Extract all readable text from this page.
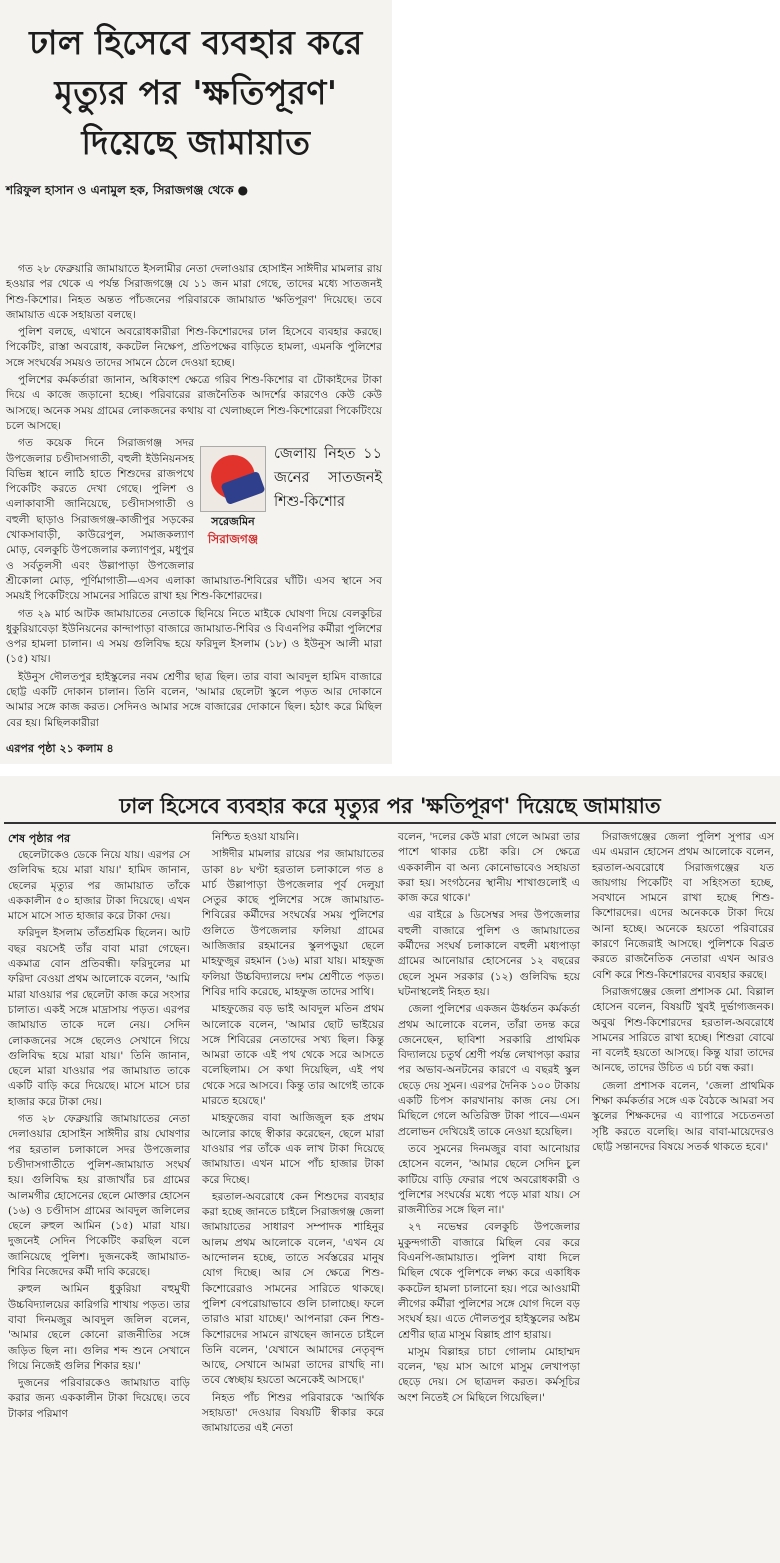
ঢাল হিসেবে ব্যবহার করে
মৃত্যুর পর 'ক্ষতিপূরণ'
দিয়েছে জামায়াত
শরিফুল হাসান ও এনামুল হক, সিরাজগঞ্জ থেকে ●

গত ২৮ ফেব্রুয়ারি জামায়াতে ইসলামীর নেতা দেলাওয়ার হোসাইন সাঈদীর মামলার রায় হওয়ার পর থেকে এ পর্যন্ত সিরাজগঞ্জে যে ১১ জন মারা গেছে, তাদের মধ্যে সাতজনই শিশু-কিশোর। নিহত অন্তত পাঁচজনের পরিবারকে জামায়াত 'ক্ষতিপূরণ' দিয়েছে। তবে জামায়াত একে সহায়তা বলছে।

পুলিশ বলছে, এখানে অবরোধকারীরা শিশু-কিশোরদের ঢাল হিসেবে ব্যবহার করছে। পিকেটিং, রাস্তা অবরোধ, ককটেল নিক্ষেপ, প্রতিপক্ষের বাড়িতে হামলা, এমনকি পুলিশের সঙ্গে সংঘর্ষের সময়ও তাদের সামনে ঠেলে দেওয়া হচ্ছে।

পুলিশের কর্মকর্তারা জানান, অধিকাংশ ক্ষেত্রে গরিব শিশু-কিশোর বা টোকাইদের টাকা দিয়ে এ কাজে জড়ানো হচ্ছে। পরিবারের রাজনৈতিক আদর্শের কারণেও কেউ কেউ আসছে। অনেক সময় গ্রামের লোকজনের কথায় বা খেলাচ্ছলে শিশু-কিশোরেরা পিকেটিংয়ে চলে আসছে।

সরেজমিন
সিরাজগঞ্জ
জেলায় নিহত ১১ জনের সাতজনই শিশু-কিশোর

গত কয়েক দিনে সিরাজগঞ্জ সদর উপজেলার চণ্ডীদাসগাতী, বহুলী ইউনিয়নসহ বিভিন্ন স্থানে লাঠি হাতে শিশুদের রাজপথে পিকেটিং করতে দেখা গেছে। পুলিশ ও এলাকাবাসী জানিয়েছে, চণ্ডীদাসগাতী ও বহুলী ছাড়াও সিরাজগঞ্জ-কাজীপুর সড়কের খোকসাবাড়ী, কাউরেপুল, সমাজকল্যাণ মোড়, বেলকুচি উপজেলার কল্যাণপুর, মধুপুর ও সর্বতুলসী এবং উল্লাপাড়া উপজেলার শ্রীকোলা মোড়, পূর্ণিমাগাতী—এসব এলাকা জামায়াত-শিবিরের ঘাঁটি। এসব স্থানে সব সময়ই পিকেটিংয়ে সামনের সারিতে রাখা হয় শিশু-কিশোরদের।

গত ২৯ মার্চ আটক জামায়াতের নেতাকে ছিনিয়ে নিতে মাইকে ঘোষণা দিয়ে বেলকুচির ধুকুরিয়াবেড়া ইউনিয়নের কান্দাপাড়া বাজারে জামায়াত-শিবির ও বিএনপির কর্মীরা পুলিশের ওপর হামলা চালান। এ সময় গুলিবিদ্ধ হয়ে ফরিদুল ইসলাম (১৮) ও ইউনুস আলী মারা (১৫) যায়।

ইউনুস দৌলতপুর হাইস্কুলের নবম শ্রেণীর ছাত্র ছিল। তার বাবা আবদুল হামিদ বাজারে ছোট্ট একটি দোকান চালান। তিনি বলেন, 'আমার ছেলেটা স্কুলে পড়ত আর দোকানে আমার সঙ্গে কাজ করত। সেদিনও আমার সঙ্গে বাজারের দোকানে ছিল। হঠাৎ করে মিছিল বের হয়। মিছিলকারীরা

এরপর পৃষ্ঠা ২১ কলাম ৪
ঢাল হিসেবে ব্যবহার করে মৃত্যুর পর 'ক্ষতিপূরণ' দিয়েছে জামায়াত
শেষ পৃষ্ঠার পর

ছেলেটাকেও ডেকে নিয়ে যায়। এরপর সে গুলিবিদ্ধ হয়ে মারা যায়।' হামিদ জানান, ছেলের মৃত্যুর পর জামায়াত তাঁকে এককালীন ৫০ হাজার টাকা দিয়েছে। এখন মাসে মাসে সাত হাজার করে টাকা দেয়।

ফরিদুল ইসলাম তাঁতশ্রমিক ছিলেন। আট বছর বয়সেই তাঁর বাবা মারা গেছেন। একমাত্র বোন প্রতিবন্ধী। ফরিদুলের মা ফরিদা বেওয়া প্রথম আলোকে বলেন, 'আমি মারা যাওয়ার পর ছেলেটা কাজ করে সংসার চালাত। একই সঙ্গে মাদ্রাসায় পড়ত। এরপর জামায়াত তাকে দলে নেয়। সেদিন লোকজনের সঙ্গে ছেলেও সেখানে গিয়ে গুলিবিদ্ধ হয়ে মারা যায়।' তিনি জানান, ছেলে মারা যাওয়ার পর জামায়াত তাকে একটি বাড়ি করে দিয়েছে। মাসে মাসে চার হাজার করে টাকা দেয়।

গত ২৮ ফেব্রুয়ারি জামায়াতের নেতা দেলাওয়ার হোসাইন সাঈদীর রায় ঘোষণার পর হরতাল চলাকালে সদর উপজেলার চণ্ডীদাসগাতীতে পুলিশ-জামায়াত সংঘর্ষ হয়। গুলিবিদ্ধ হয় রাজাখাঁর চর গ্রামের আলমগীর হোসেনের ছেলে মোক্তার হোসেন (১৬) ও চণ্ডীদাস গ্রামের আবদুল জলিলের ছেলে রুহুল আমিন (১৫) মারা যায়। দুজনেই সেদিন পিকেটিং করছিল বলে জানিয়েছে পুলিশ। দুজনকেই জামায়াত-শিবির নিজেদের কর্মী দাবি করেছে।

রুহুল আমিন ধুকুরিয়া বহুমুখী উচ্চবিদ্যালয়ের কারিগরি শাখায় পড়ত। তার বাবা দিনমজুর আবদুল জলিল বলেন, 'আমার ছেলে কোনো রাজনীতির সঙ্গে জড়িত ছিল না। গুলির শব্দ শুনে সেখানে গিয়ে নিজেই গুলির শিকার হয়।'

দুজনের পরিবারকেও জামায়াত বাড়ি করার জন্য এককালীন টাকা দিয়েছে। তবে টাকার পরিমাণ

নিশ্চিত হওয়া যায়নি।

সাঈদীর মামলার রায়ের পর জামায়াতের ডাকা ৪৮ ঘণ্টা হরতাল চলাকালে গত ৪ মার্চ উল্লাপাড়া উপজেলার পূর্ব দেলুয়া সেতুর কাছে পুলিশের সঙ্গে জামায়াত-শিবিরের কর্মীদের সংঘর্ষের সময় পুলিশের গুলিতে উপজেলার ফলিয়া গ্রামের আজিজার রহমানের স্কুলপড়ুয়া ছেলে মাহফুজুর রহমান (১৬) মারা যায়। মাহফুজ ফলিয়া উচ্চবিদ্যালয়ে দশম শ্রেণীতে পড়ত। শিবির দাবি করেছে, মাহফুজ তাদের সাথি।

মাহফুজের বড় ভাই আবদুল মতিন প্রথম আলোকে বলেন, 'আমার ছোট ভাইয়ের সঙ্গে শিবিরের নেতাদের সখ্য ছিল। কিন্তু আমরা তাকে এই পথ থেকে সরে আসতে বলেছিলাম। সে কথা দিয়েছিল, এই পথ থেকে সরে আসবে। কিন্তু তার আগেই তাকে মারতে হয়েছে।'

মাহফুজের বাবা আজিজুল হক প্রথম আলোর কাছে স্বীকার করেছেন, ছেলে মারা যাওয়ার পর তাঁকে এক লাখ টাকা দিয়েছে জামায়াত। এখন মাসে পাঁচ হাজার টাকা করে দিচ্ছে।

হরতাল-অবরোধে কেন শিশুদের ব্যবহার করা হচ্ছে জানতে চাইলে সিরাজগঞ্জ জেলা জামায়াতের সাধারণ সম্পাদক শাহিনুর আলম প্রথম আলোকে বলেন, 'এখন যে আন্দোলন হচ্ছে, তাতে সর্বস্তরের মানুষ যোগ দিচ্ছে। আর সে ক্ষেত্রে শিশু-কিশোরেরাও সামনের সারিতে থাকছে। পুলিশ বেপরোয়াভাবে গুলি চালাচ্ছে। ফলে তারাও মারা যাচ্ছে।' আপনারা কেন শিশু-কিশোরদের সামনে রাখছেন জানতে চাইলে তিনি বলেন, 'যেখানে আমাদের নেতৃবৃন্দ আছে, সেখানে আমরা তাদের রাখছি না। তবে স্বেচ্ছায় হয়তো অনেকেই আসছে।'

নিহত পাঁচ শিশুর পরিবারকে 'আর্থিক সহায়তা' দেওয়ার বিষয়টি স্বীকার করে জামায়াতের এই নেতা

বলেন, 'দলের কেউ মারা গেলে আমরা তার পাশে থাকার চেষ্টা করি। সে ক্ষেত্রে এককালীন বা অন্য কোনোভাবেও সহায়তা করা হয়। সংগঠনের স্থানীয় শাখাগুলোই এ কাজ করে থাকে।'

এর বাইরে ৯ ডিসেম্বর সদর উপজেলার বহুলী বাজারে পুলিশ ও জামায়াতের কর্মীদের সংঘর্ষ চলাকালে বহুলী মধ্যপাড়া গ্রামের আনোয়ার হোসেনের ১২ বছরের ছেলে সুমন সরকার (১২) গুলিবিদ্ধ হয়ে ঘটনাস্থলেই নিহত হয়।

জেলা পুলিশের একজন ঊর্ধ্বতন কর্মকর্তা প্রথম আলোকে বলেন, তাঁরা তদন্ত করে জেনেছেন, ছাবিশা সরকারি প্রাথমিক বিদ্যালয়ে চতুর্থ শ্রেণী পর্যন্ত লেখাপড়া করার পর অভাব-অনটনের কারণে এ বছরই স্কুল ছেড়ে দেয় সুমন। এরপর দৈনিক ১০০ টাকায় একটি চিপস কারখানায় কাজ নেয় সে। মিছিলে গেলে অতিরিক্ত টাকা পাবে—এমন প্রলোভন দেখিয়েই তাকে নেওয়া হয়েছিল।

তবে সুমনের দিনমজুর বাবা আনোয়ার হোসেন বলেন, 'আমার ছেলে সেদিন চুল কাটিয়ে বাড়ি ফেরার পথে অবরোধকারী ও পুলিশের সংঘর্ষের মধ্যে পড়ে মারা যায়। সে রাজনীতির সঙ্গে ছিল না।'

২৭ নভেম্বর বেলকুচি উপজেলার মুকুন্দগাতী বাজারে মিছিল বের করে বিএনপি-জামায়াত। পুলিশ বাধা দিলে মিছিল থেকে পুলিশকে লক্ষ্য করে একাধিক ককটেল হামলা চালানো হয়। পরে আওয়ামী লীগের কর্মীরা পুলিশের সঙ্গে যোগ দিলে বড় সংঘর্ষ হয়। এতে দৌলতপুর হাইস্কুলের অষ্টম শ্রেণীর ছাত্র মাসুম বিল্লাহ প্রাণ হারায়।

মাসুম বিল্লাহর চাচা গোলাম মোহাম্মদ বলেন, 'ছয় মাস আগে মাসুম লেখাপড়া ছেড়ে দেয়। সে ছাত্রদল করত। কর্মসূচির অংশ নিতেই সে মিছিলে গিয়েছিল।'

সিরাজগঞ্জের জেলা পুলিশ সুপার এস এম এমরান হোসেন প্রথম আলোকে বলেন, হরতাল-অবরোধে সিরাজগঞ্জের যত জায়গায় পিকেটিং বা সহিংসতা হচ্ছে, সবখানে সামনে রাখা হচ্ছে শিশু-কিশোরদের। এদের অনেককে টাকা দিয়ে আনা হচ্ছে। অনেকে হয়তো পরিবারের কারণে নিজেরাই আসছে। পুলিশকে বিব্রত করতে রাজনৈতিক নেতারা এখন আরও বেশি করে শিশু-কিশোরদের ব্যবহার করছে।

সিরাজগঞ্জের জেলা প্রশাসক মো. বিল্লাল হোসেন বলেন, বিষয়টি খুবই দুর্ভাগ্যজনক। অবুঝ শিশু-কিশোরদের হরতাল-অবরোধে সামনের সারিতে রাখা হচ্ছে। শিশুরা বোঝে না বলেই হয়তো আসছে। কিন্তু যারা তাদের আনছে, তাদের উচিত এ চর্চা বন্ধ করা।

জেলা প্রশাসক বলেন, 'জেলা প্রাথমিক শিক্ষা কর্মকর্তার সঙ্গে এক বৈঠকে আমরা সব স্কুলের শিক্ষকদের এ ব্যাপারে সচেতনতা সৃষ্টি করতে বলেছি। আর বাবা-মায়েদেরও ছোট্ট সন্তানদের বিষয়ে সতর্ক থাকতে হবে।'
